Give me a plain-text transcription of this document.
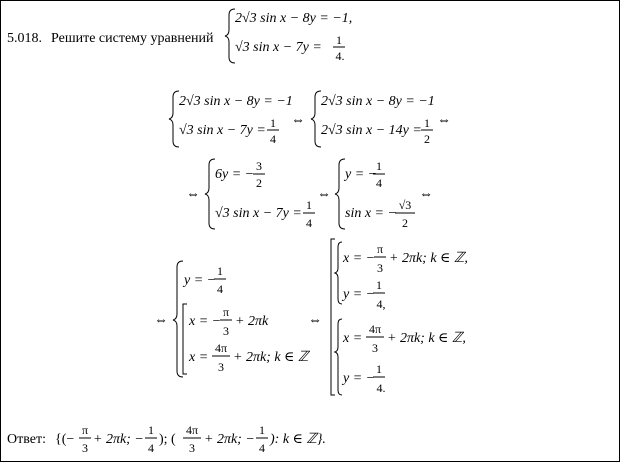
5.018. Решите систему уравнений
2√3 sin x − 8y = −1,
√3 sin x − 7y = 1
4.
2√3 sin x − 8y = −1
√3 sin x − 7y = 1
4
⇔
2√3 sin x − 8y = −1
2√3 sin x − 14y = 1
2
⇔
⇔
6y = −
3
2
√3 sin x − 7y =
1
4
⇔
y = −
1
4
sin x = −
√3
2
⇔
⇔
y = −
1
4
x = −
π
3
+ 2πk
x =
4π
3
+ 2πk; k ∈ ℤ
⇔
x = −
π
3
+ 2πk; k ∈ ℤ,
y = −
1
4,
x =
4π
3
+ 2πk; k ∈ ℤ,
y = −
1
4.
Ответ: {(−
π
3
+ 2πk; −
1
4
); (
4π
3
+ 2πk; −
1
4
): k ∈ ℤ}.
